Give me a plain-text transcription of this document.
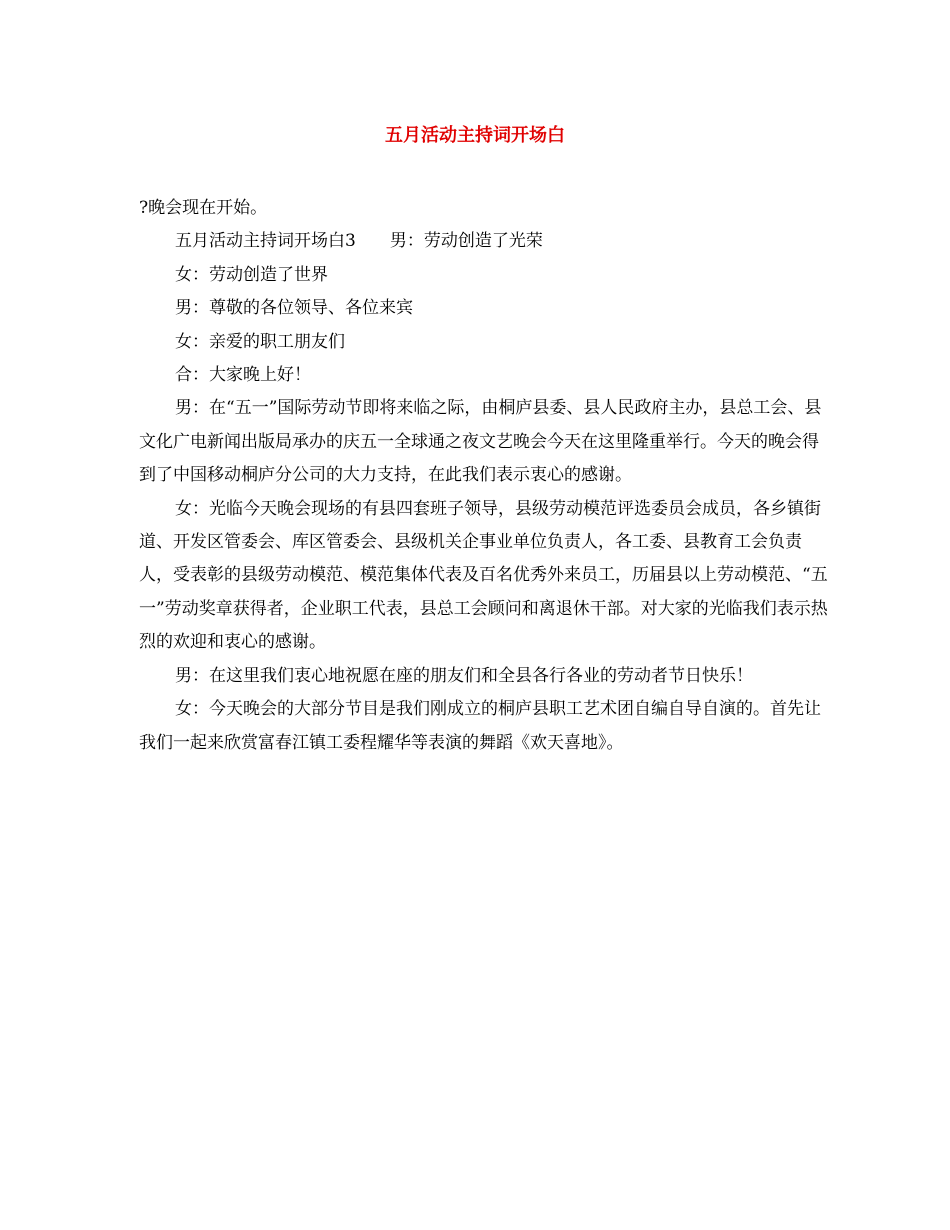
五月活动主持词开场白

?晚会现在开始。

五月活动主持词开场白3　　男：劳动创造了光荣

女：劳动创造了世界

男：尊敬的各位领导、各位来宾

女：亲爱的职工朋友们

合：大家晚上好！

男：在“五一”国际劳动节即将来临之际，由桐庐县委、县人民政府主办，县总工会、县文化广电新闻出版局承办的庆五一全球通之夜文艺晚会今天在这里隆重举行。今天的晚会得到了中国移动桐庐分公司的大力支持，在此我们表示衷心的感谢。

女：光临今天晚会现场的有县四套班子领导，县级劳动模范评选委员会成员，各乡镇街道、开发区管委会、库区管委会、县级机关企事业单位负责人，各工委、县教育工会负责人，受表彰的县级劳动模范、模范集体代表及百名优秀外来员工，历届县以上劳动模范、“五一”劳动奖章获得者，企业职工代表，县总工会顾问和离退休干部。对大家的光临我们表示热烈的欢迎和衷心的感谢。

男：在这里我们衷心地祝愿在座的朋友们和全县各行各业的劳动者节日快乐！

女：今天晚会的大部分节目是我们刚成立的桐庐县职工艺术团自编自导自演的。首先让我们一起来欣赏富春江镇工委程耀华等表演的舞蹈《欢天喜地》。
